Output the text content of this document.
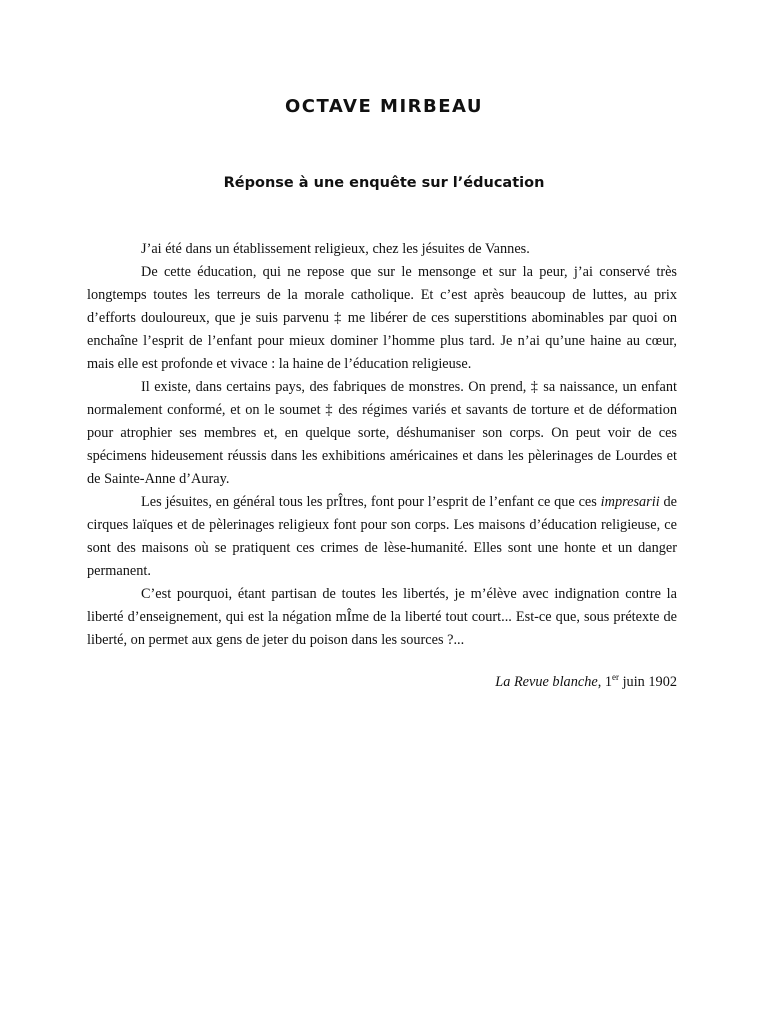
OCTAVE MIRBEAU
Réponse à une enquête sur l’éducation

J’ai été dans un établissement religieux, chez les jésuites de Vannes.

De cette éducation, qui ne repose que sur le mensonge et sur la peur, j’ai conservé très longtemps toutes les terreurs de la morale catholique. Et c’est après beaucoup de luttes, au prix d’efforts douloureux, que je suis parvenu ‡ me libérer de ces superstitions abominables par quoi on enchaîne l’esprit de l’enfant pour mieux dominer l’homme plus tard. Je n’ai qu’une haine au cœur, mais elle est profonde et vivace : la haine de l’éducation religieuse.

Il existe, dans certains pays, des fabriques de monstres. On prend, ‡ sa naissance, un enfant normalement conformé, et on le soumet ‡ des régimes variés et savants de torture et de déformation pour atrophier ses membres et, en quelque sorte, déshumaniser son corps. On peut voir de ces spécimens hideusement réussis dans les exhibitions américaines et dans les pèlerinages de Lourdes et de Sainte-Anne d’Auray.

Les jésuites, en général tous les prÎtres, font pour l’esprit de l’enfant ce que ces impresarii de cirques laïques et de pèlerinages religieux font pour son corps. Les maisons d’éducation religieuse, ce sont des maisons où se pratiquent ces crimes de lèse-humanité. Elles sont une honte et un danger permanent.

C’est pourquoi, étant partisan de toutes les libertés, je m’élève avec indignation contre la liberté d’enseignement, qui est la négation mÎme de la liberté tout court... Est-ce que, sous prétexte de liberté, on permet aux gens de jeter du poison dans les sources ?...

La Revue blanche, 1er juin 1902
